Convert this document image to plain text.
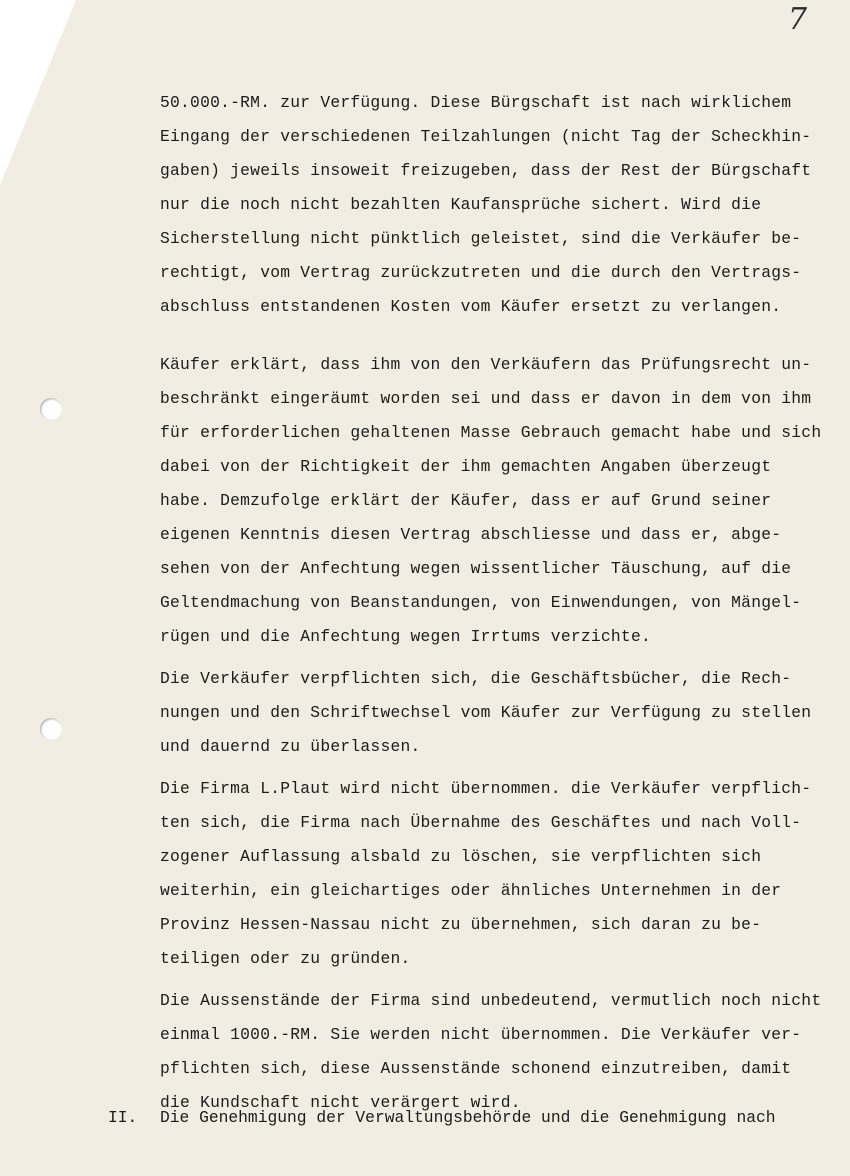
7
50.000.-RM. zur Verfügung. Diese Bürgschaft ist nach wirklichem
Eingang der verschiedenen Teilzahlungen (nicht Tag der Scheckhin-
gaben) jeweils insoweit freizugeben, dass der Rest der Bürgschaft
nur die noch nicht bezahlten Kaufansprüche sichert. Wird die
Sicherstellung nicht pünktlich geleistet, sind die Verkäufer be-
rechtigt, vom Vertrag zurückzutreten und die durch den Vertrags-
abschluss entstandenen Kosten vom Käufer ersetzt zu verlangen.
Käufer erklärt, dass ihm von den Verkäufern das Prüfungsrecht un-
beschränkt eingeräumt worden sei und dass er davon in dem von ihm
für erforderlichen gehaltenen Masse Gebrauch gemacht habe und sich
dabei von der Richtigkeit der ihm gemachten Angaben überzeugt
habe. Demzufolge erklärt der Käufer, dass er auf Grund seiner
eigenen Kenntnis diesen Vertrag abschliesse und dass er, abge-
sehen von der Anfechtung wegen wissentlicher Täuschung, auf die
Geltendmachung von Beanstandungen, von Einwendungen, von Mängel-
rügen und die Anfechtung wegen Irrtums verzichte.
Die Verkäufer verpflichten sich, die Geschäftsbücher, die Rech-
nungen und den Schriftwechsel vom Käufer zur Verfügung zu stellen
und dauernd zu überlassen.
Die Firma L.Plaut wird nicht übernommen. die Verkäufer verpflich-
ten sich, die Firma nach Übernahme des Geschäftes und nach Voll-
zogener Auflassung alsbald zu löschen, sie verpflichten sich
weiterhin, ein gleichartiges oder ähnliches Unternehmen in der
Provinz Hessen-Nassau nicht zu übernehmen, sich daran zu be-
teiligen oder zu gründen.
Die Aussenstände der Firma sind unbedeutend, vermutlich noch nicht
einmal 1000.-RM. Sie werden nicht übernommen. Die Verkäufer ver-
pflichten sich, diese Aussenstände schonend einzutreiben, damit
die Kundschaft nicht verärgert wird.
II. Die Genehmigung der Verwaltungsbehörde und die Genehmigung nach
